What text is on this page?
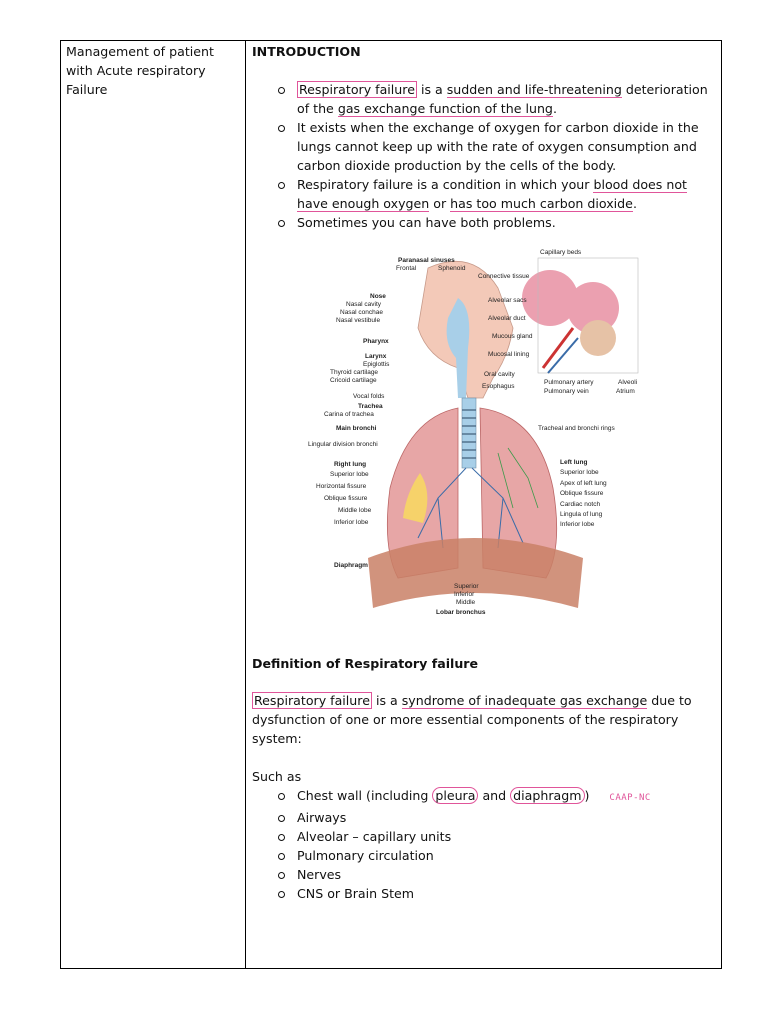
Management of patient
with Acute respiratory
Failure

INTRODUCTION

Respiratory failure is a sudden and life-threatening deterioration of the gas exchange function of the lung.
It exists when the exchange of oxygen for carbon dioxide in the lungs cannot keep up with the rate of oxygen consumption and carbon dioxide production by the cells of the body.
Respiratory failure is a condition in which your blood does not have enough oxygen or has too much carbon dioxide.
Sometimes you can have both problems.
Paranasal sinuses
Frontal	Sphenoid
Nose
Nasal cavity
Nasal conchae
Nasal vestibule
Pharynx
Larynx
Epiglottis
Thyroid cartilage
Cricoid cartilage
Vocal folds
Trachea
Carina of trachea
Main bronchi
Lingular division bronchi
Right lung
Superior lobe
Horizontal fissure
Oblique fissure
Middle lobe
Inferior lobe
Diaphragm
Capillary beds
Connective tissue
Alveolar sacs
Alveolar duct
Mucous gland
Mucosal lining
Oral cavity
Esophagus
Pulmonary artery
Pulmonary vein
Alveoli
Atrium
Tracheal and bronchi rings
Left lung
Superior lobe
Apex of left lung
Oblique fissure
Cardiac notch
Lingula of lung
Inferior lobe
Superior
Inferior
Middle
Lobar bronchus

Definition of Respiratory failure

Respiratory failure is a syndrome of inadequate gas exchange due to dysfunction of one or more essential components of the respiratory system:

Such as
Chest wall (including pleura and diaphragm ) CAAP-NC
Airways
Alveolar – capillary units
Pulmonary circulation
Nerves
CNS or Brain Stem
